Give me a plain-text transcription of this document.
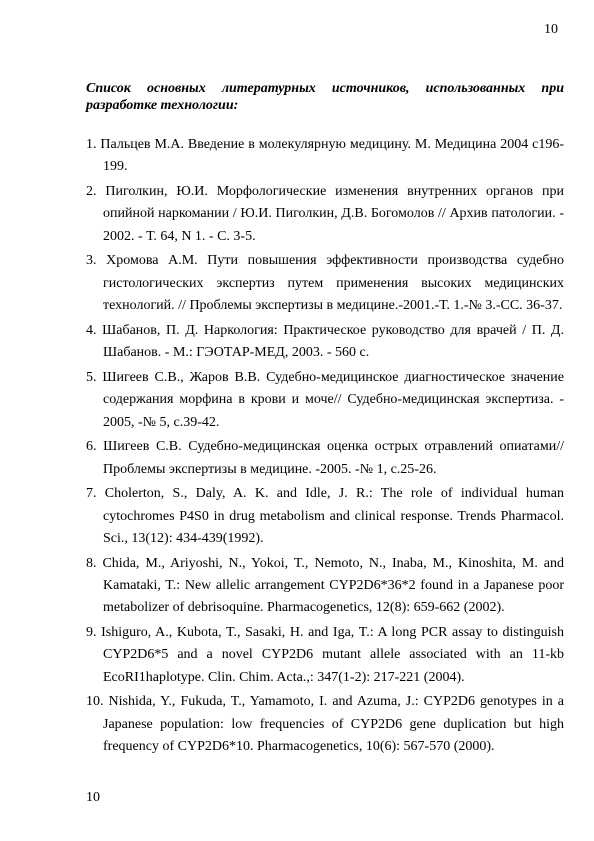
10
Список основных литературных источников, использованных при разработке технологии:
1. Пальцев М.А. Введение в молекулярную медицину. М. Медицина 2004 с196-199.
2. Пиголкин, Ю.И. Морфологические изменения внутренних органов при опийной наркомании / Ю.И. Пиголкин, Д.В. Богомолов // Архив патологии. - 2002. - Т. 64, N 1. - С. 3-5.
3. Хромова А.М. Пути повышения эффективности производства судебно гистологических экспертиз путем применения высоких медицинских технологий. // Проблемы экспертизы в медицине.-2001.-Т. 1.-№ 3.-СС. 36-37.
4. Шабанов, П. Д. Наркология: Практическое руководство для врачей / П. Д. Шабанов. - М.: ГЭОТАР-МЕД, 2003. - 560 с.
5. Шигеев С.В., Жаров В.В. Судебно-медицинское диагностическое значение содержания морфина в крови и моче// Судебно-медицинская экспертиза. - 2005, -№ 5, с.39-42.
6. Шигеев С.В. Судебно-медицинская оценка острых отравлений опиатами// Проблемы экспертизы в медицине. -2005. -№ 1, с.25-26.
7. Cholerton, S., Daly, A. K. and Idle, J. R.: The role of individual human cytochromes P4S0 in drug metabolism and clinical response. Trends Pharmacol. Sci., 13(12): 434-439(1992).
8. Chida, M., Ariyoshi, N., Yokoi, T., Nemoto, N., Inaba, M., Kinoshita, M. and Kamataki, T.: New allelic arrangement CYP2D6*36*2 found in a Japanese poor metabolizer of debrisoquine. Pharmacogenetics, 12(8): 659-662 (2002).
9. Ishiguro, A., Kubota, T., Sasaki, H. and Iga, T.: A long PCR assay to distinguish CYP2D6*5 and a novel CYP2D6 mutant allele associated with an 11-kb EcoRI1haplotype. Clin. Chim. Acta.,: 347(1-2): 217-221 (2004).
10. Nishida, Y., Fukuda, T., Yamamoto, I. and Azuma, J.: CYP2D6 genotypes in a Japanese population: low frequencies of CYP2D6 gene duplication but high frequency of CYP2D6*10. Pharmacogenetics, 10(6): 567-570 (2000).
10
